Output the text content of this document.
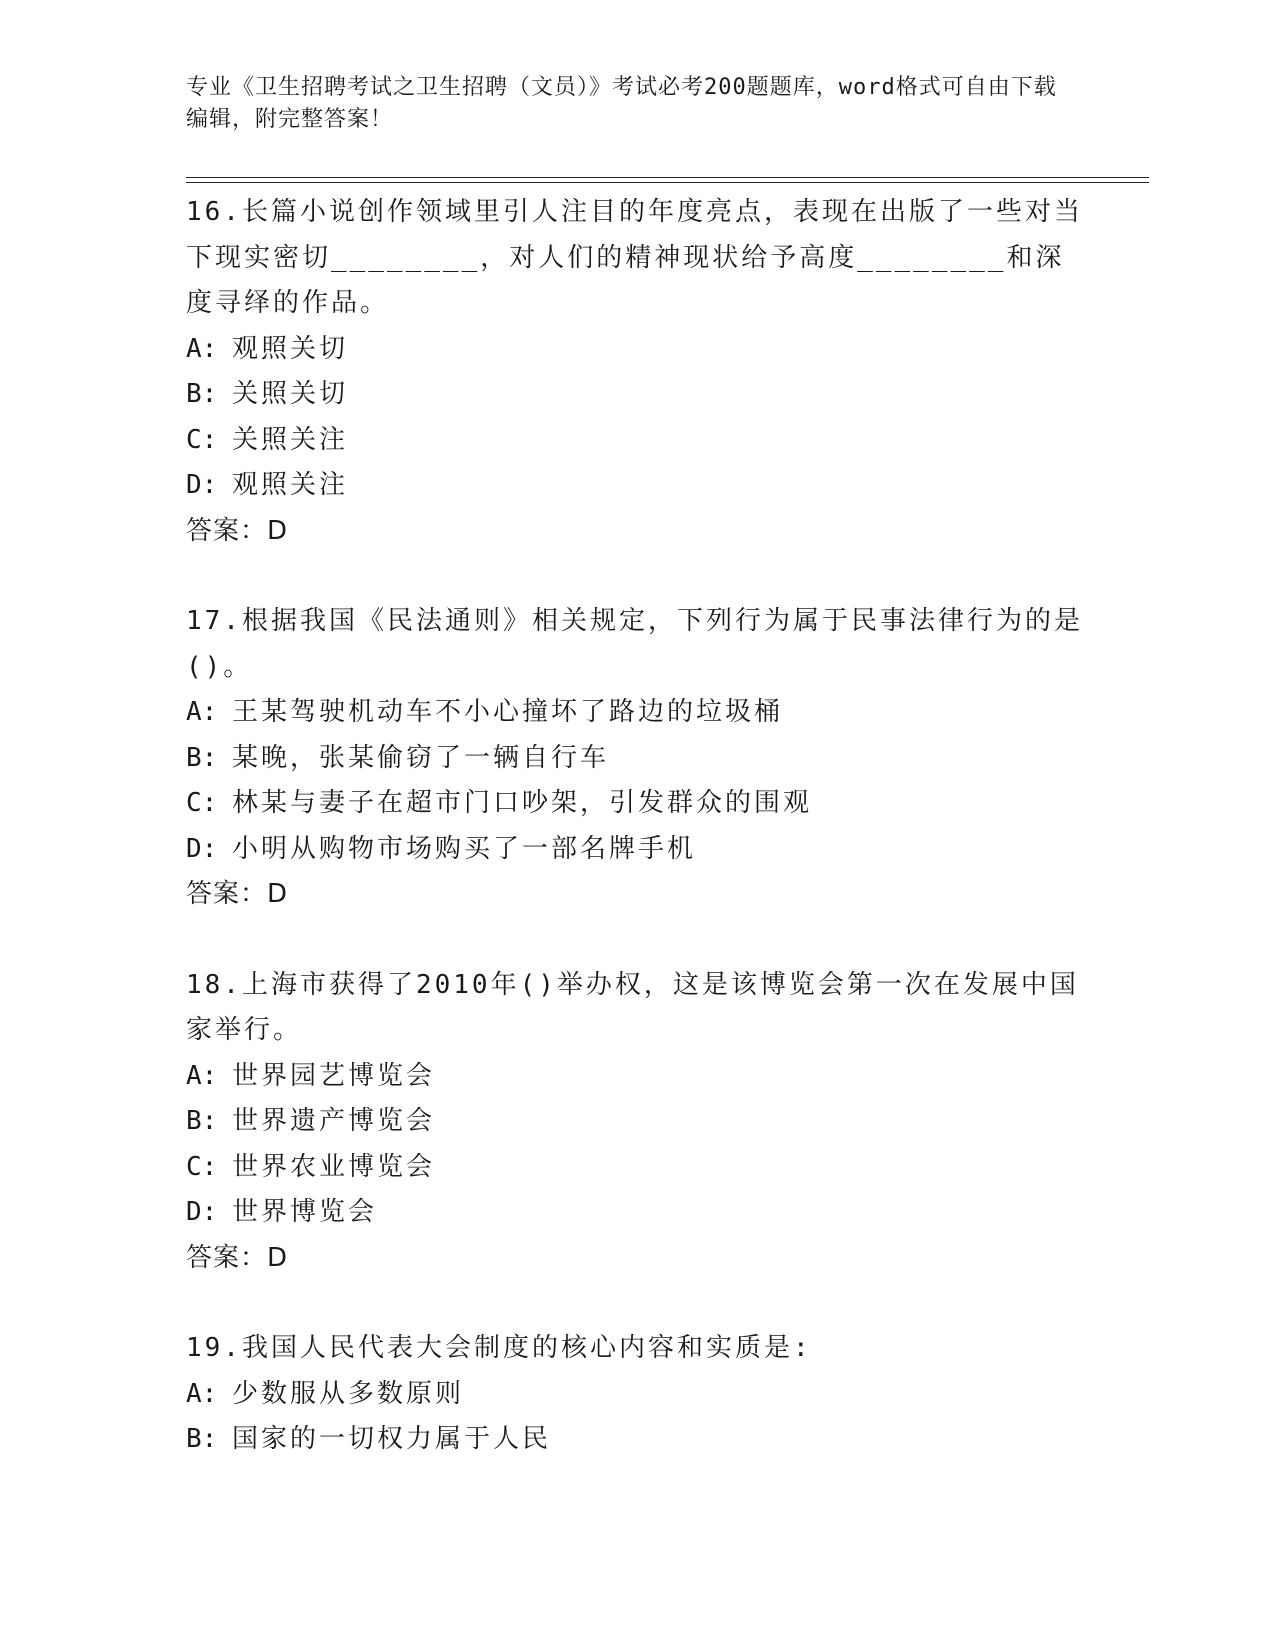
专业《卫生招聘考试之卫生招聘（文员）》考试必考200题题库，word格式可自由下载编辑，附完整答案！
16.长篇小说创作领域里引人注目的年度亮点，表现在出版了一些对当下现实密切________，对人们的精神现状给予高度________和深度寻绎的作品。
A: 观照关切
B: 关照关切
C: 关照关注
D: 观照关注
答案：D
17.根据我国《民法通则》相关规定，下列行为属于民事法律行为的是()。
A: 王某驾驶机动车不小心撞坏了路边的垃圾桶
B: 某晚，张某偷窃了一辆自行车
C: 林某与妻子在超市门口吵架，引发群众的围观
D: 小明从购物市场购买了一部名牌手机
答案：D
18.上海市获得了2010年()举办权，这是该博览会第一次在发展中国家举行。
A: 世界园艺博览会
B: 世界遗产博览会
C: 世界农业博览会
D: 世界博览会
答案：D
19.我国人民代表大会制度的核心内容和实质是:
A: 少数服从多数原则
B: 国家的一切权力属于人民
